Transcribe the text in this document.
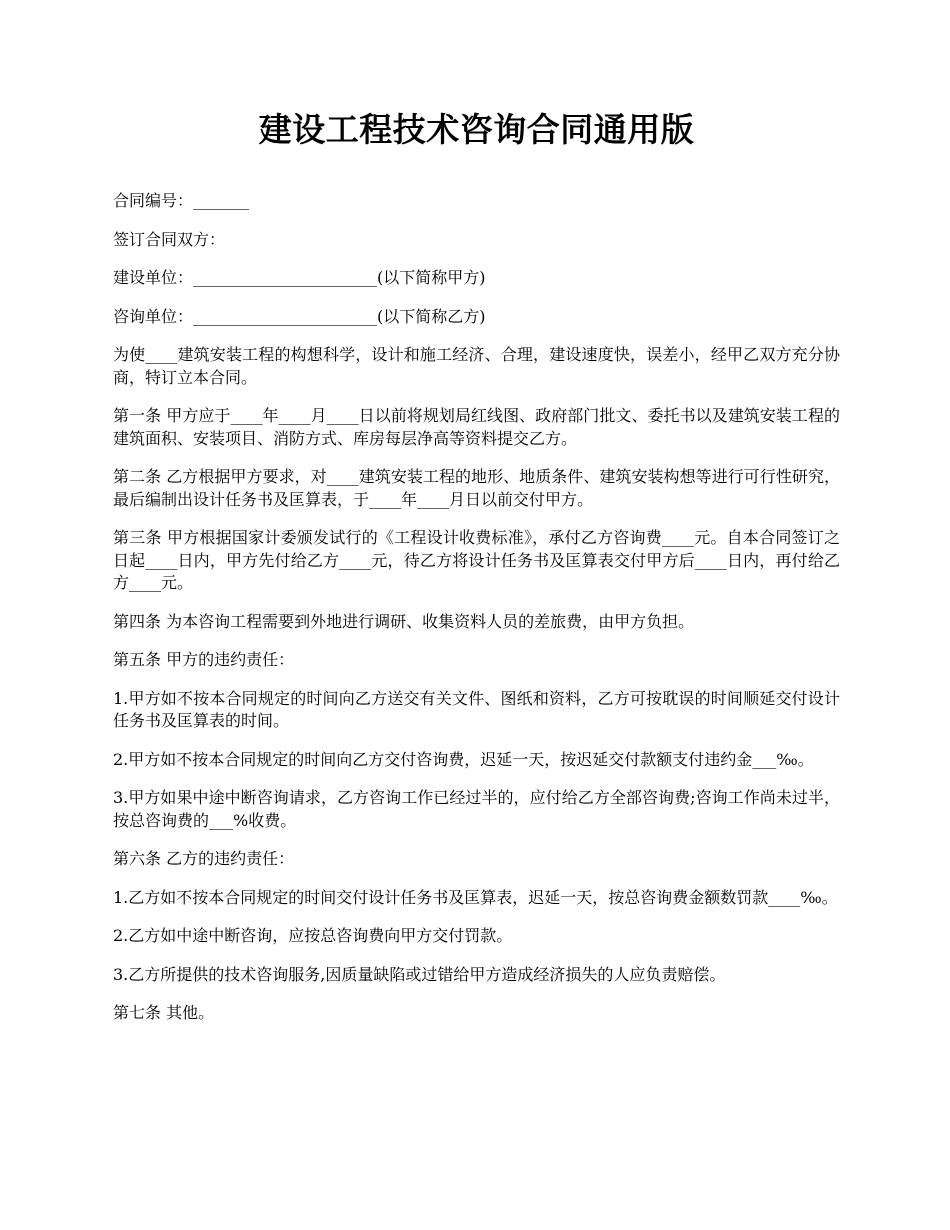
建设工程技术咨询合同通用版

合同编号：_______

签订合同双方：

建设单位：_______________________(以下简称甲方)

咨询单位：_______________________(以下简称乙方)

为使____建筑安装工程的构想科学，设计和施工经济、合理，建设速度快，误差小，经甲乙双方充分协商，特订立本合同。

第一条 甲方应于____年____月____日以前将规划局红线图、政府部门批文、委托书以及建筑安装工程的建筑面积、安装项目、消防方式、库房每层净高等资料提交乙方。

第二条 乙方根据甲方要求，对____建筑安装工程的地形、地质条件、建筑安装构想等进行可行性研究，最后编制出设计任务书及匡算表，于____年____月日以前交付甲方。

第三条 甲方根据国家计委颁发试行的《工程设计收费标准》，承付乙方咨询费____元。自本合同签订之日起____日内，甲方先付给乙方____元，待乙方将设计任务书及匡算表交付甲方后____日内，再付给乙方____元。

第四条 为本咨询工程需要到外地进行调研、收集资料人员的差旅费，由甲方负担。

第五条 甲方的违约责任：

1.甲方如不按本合同规定的时间向乙方送交有关文件、图纸和资料，乙方可按耽误的时间顺延交付设计任务书及匡算表的时间。

2.甲方如不按本合同规定的时间向乙方交付咨询费，迟延一天，按迟延交付款额支付违约金___‰。

3.甲方如果中途中断咨询请求，乙方咨询工作已经过半的，应付给乙方全部咨询费;咨询工作尚未过半，按总咨询费的___%收费。

第六条 乙方的违约责任：

1.乙方如不按本合同规定的时间交付设计任务书及匡算表，迟延一天，按总咨询费金额数罚款____‰。

2.乙方如中途中断咨询，应按总咨询费向甲方交付罚款。

3.乙方所提供的技术咨询服务,因质量缺陷或过错给甲方造成经济损失的人应负责赔偿。

第七条 其他。
